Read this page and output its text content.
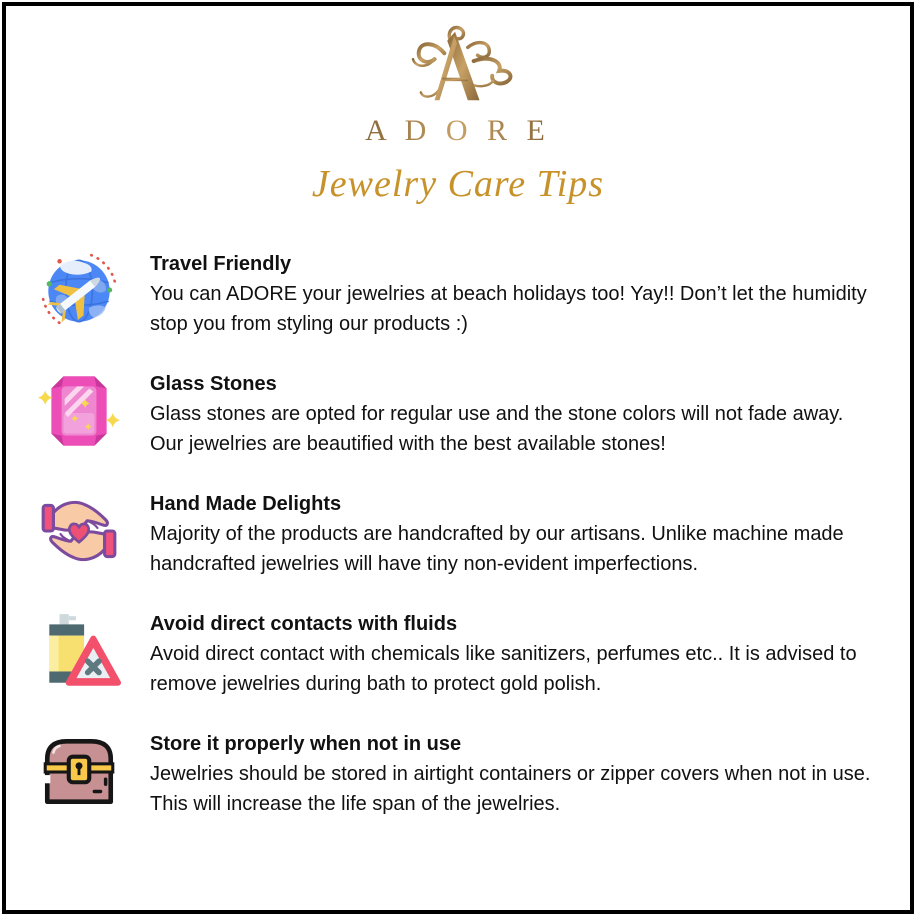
A D O R E
Jewelry Care Tips
Travel Friendly
You can ADORE your jewelries at beach holidays too! Yay!! Don’t let the humidity stop you from styling our products :)
Glass Stones
Glass stones are opted for regular use and the stone colors will not fade away. Our jewelries are beautified with the best available stones!
Hand Made Delights
Majority of the products are handcrafted by our artisans. Unlike machine made handcrafted jewelries will have tiny non-evident imperfections.
Avoid direct contacts with fluids
Avoid direct contact with chemicals like sanitizers, perfumes etc.. It is advised to remove jewelries during bath to protect gold polish.
Store it properly when not in use
Jewelries should be stored in airtight containers or zipper covers when not in use. This will increase the life span of the jewelries.
